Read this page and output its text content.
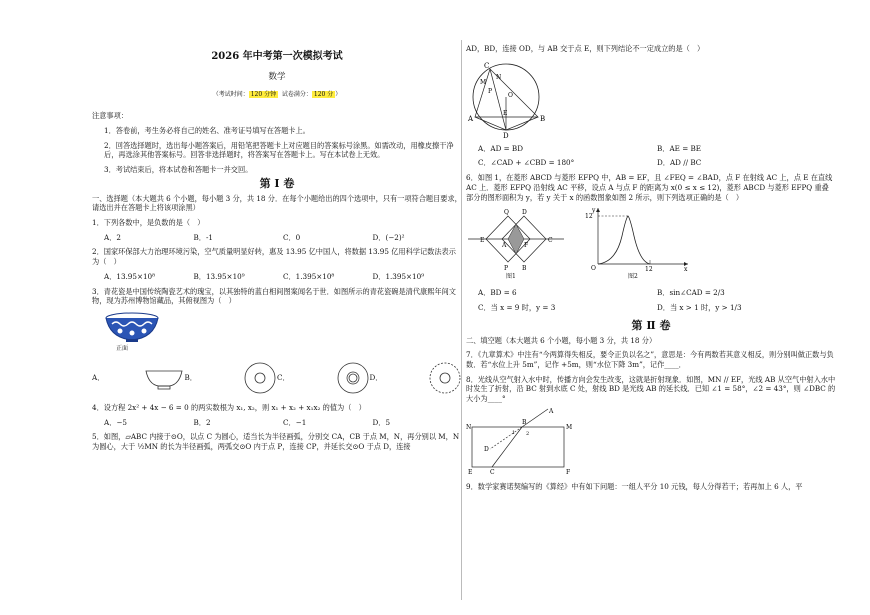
2026 年中考第一次模拟考试
数学
（考试时间： 120 分钟 试卷满分： 120 分 ）

注意事项：

1．答卷前，考生务必将自己的姓名、准考证号填写在答题卡上。

2．回答选择题时，选出每小题答案后，用铅笔把答题卡上对应题目的答案标号涂黑。如需改动，用橡皮擦干净后，再选涂其他答案标号。回答非选择题时，将答案写在答题卡上。写在本试卷上无效。

3．考试结束后，将本试卷和答题卡一并交回。

第 Ⅰ 卷

一、选择题（本大题共 6 个小题，每小题 3 分，共 18 分．在每个小题给出的四个选项中，只有一项符合题目要求，请选出并在答题卡上将该项涂黑）

1．下列各数中，是负数的是（　）

A．2	B．-1	C．0	D．(−2)²

2．国家环保部大力治理环境污染，空气质量明显好转，惠及 13.95 亿中国人，将数据 13.95 亿用科学记数法表示为（　）

A．13.95×10⁸	B．13.95×10⁹	C．1.395×10⁸	D．1.395×10⁹

3．青花瓷是中国传统陶瓷艺术的瑰宝，以其独特的蓝白相间图案闻名于世．如图所示的青花瓷碗是清代康熙年间文物，现为苏州博物馆藏品，其俯视图为（　）

正面
A．	B．	C．	D．

4．设方程 2x² + 4x − 6 = 0 的两实数根为 x₁, x₂，则 x₁ + x₂ + x₁x₂ 的值为（　）

A．−5	B．2	C．−1	D．5

5．如图，▱ABC 内接于⊙O，以点 C 为圆心，适当长为半径画弧，分别交 CA，CB 于点 M，N，再分别以 M，N 为圆心，大于 ½MN 的长为半径画弧，两弧交⊙O 内于点 P，连接 CP，并延长交⊙O 于点 D，连接

AD，BD，连接 OD，与 AB 交于点 E，则下列结论不一定成立的是（　）

C
M
N
P
O
A
E
B
D
A．AD = BD	B．AE = BE
C．∠CAD + ∠CBD = 180°	D．AD // BC

6．如图 1，在菱形 ABCD 与菱形 EFPQ 中，AB = EF，且 ∠FEQ = ∠BAD，点 F 在射线 AC 上，点 E 在直线 AC 上．菱形 EFPQ 沿射线 AC 平移，设点 A 与点 F 的距离为 x(0 ≤ x ≤ 12)，菱形 ABCD 与菱形 EFPQ 重叠部分的图形面积为 y，若 y 关于 x 的函数图象如图 2 所示，则下列选项正确的是（　）

Q D
E
A	F
C
P B
图1
y
12
O	12	x
图2
A．BD = 6	B．sin∠CAD = 2/3
C．当 x = 9 时，y = 3	D．当 x > 1 时，y > 1/3
第 Ⅱ 卷

二、填空题（本大题共 6 个小题，每小题 3 分，共 18 分）

7．《九章算术》中注有“今两算得失相反，要令正负以名之”，意思是：今有两数若其意义相反，则分别叫做正数与负数．若“水位上升 5m”，记作 +5m，则“水位下降 3m”，记作____．

8．光线从空气射入水中时，传播方向会发生改变，这就是折射现象．如图，MN // EF，光线 AB 从空气中射入水中时发生了折射，沿 BC 射到水底 C 处，射线 BD 是光线 AB 的延长线．已知 ∠1 = 58°，∠2 = 43°，则 ∠DBC 的大小为____°

A
N	M
B
2
1
D
C
E	F

9．数学家赛诺契编写的《算经》中有如下问题：一组人平分 10 元钱，每人分得若干；若再加上 6 人，平
